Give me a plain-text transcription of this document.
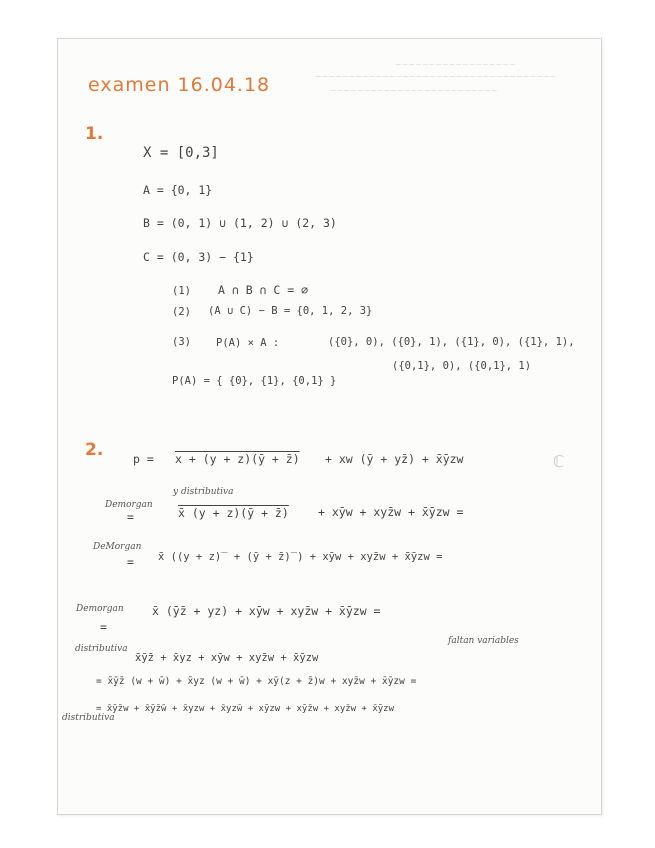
~~~~~~~~~~~~~~~~~~
~~~~~~~~~~~~~~~~~~~~~~~~~~~~~~~~~~~~
~~~~~~~~~~~~~~~~~~~~~~~~~
examen 16.04.18
1.
X = [0,3]
A = {0, 1}
B = (0, 1) ∪ (1, 2) ∪ (2, 3)
C = (0, 3) − {1}
(1) A ∩ B ∩ C = ∅
(2) (A ∪ C) − B = {0, 1, 2, 3}
(3) P(A) × A :	({0}, 0), ({0}, 1), ({1}, 0), ({1}, 1),
({0,1}, 0), ({0,1}, 1)
P(A) = { {0}, {1}, {0,1} }
2.	p = x + (y + z)(ȳ + z̄) + xw (ȳ + yz̄) + x̄ȳzw	ℂ
y distributiva
Demorgan
=	x̄ (y + z)(ȳ + z̄)	+ xȳw + xyz̄w + x̄ȳzw =
DeMorgan
= x̄ ((y + z)‾ + (ȳ + z̄)‾) + xȳw + xyz̄w + x̄ȳzw =
Demorgan
=
x̄ (ȳz̄ + yz) + xȳw + xyz̄w + x̄ȳzw =
distributiva
faltan variables
x̄ȳz̄ + x̄yz + xȳw + xyz̄w + x̄ȳzw
= x̄ȳz̄ (w + w̄) + x̄yz (w + w̄) + xȳ(z + z̄)w + xyz̄w + x̄ȳzw =
distributiva
= x̄ȳz̄w + x̄ȳz̄w̄ + x̄yzw + x̄yzw̄ + xȳzw + xȳz̄w + xyz̄w + x̄ȳzw
